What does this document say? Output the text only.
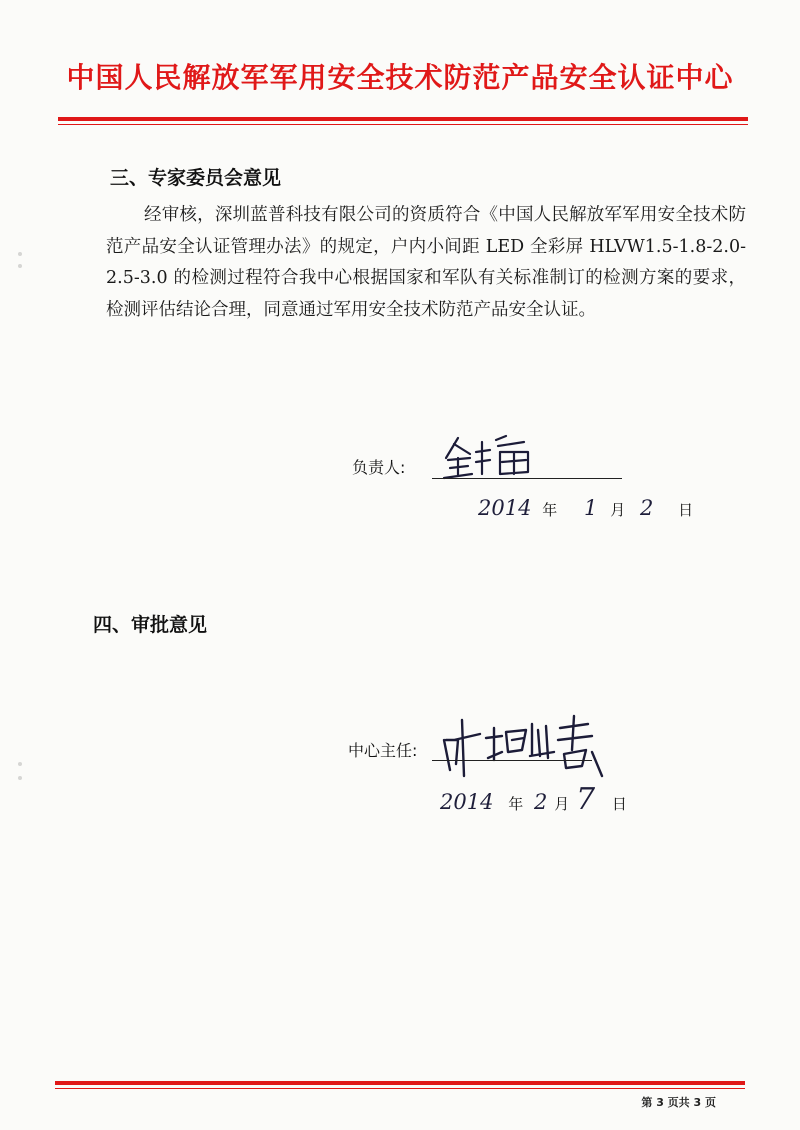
中国人民解放军军用安全技术防范产品安全认证中心
三、专家委员会意见

经审核，深圳蓝普科技有限公司的资质符合《中国人民解放军军用安全技术防范产品安全认证管理办法》的规定，户内小间距 LED 全彩屏 HLVW1.5-1.8-2.0-2.5-3.0 的检测过程符合我中心根据国家和军队有关标准制订的检测方案的要求，检测评估结论合理，同意通过军用安全技术防范产品安全认证。

负责人:
2014 年 1 月 2 日
四、审批意见
中心主任:
2014 年 2 月 7 日
第 3 页共 3 页
